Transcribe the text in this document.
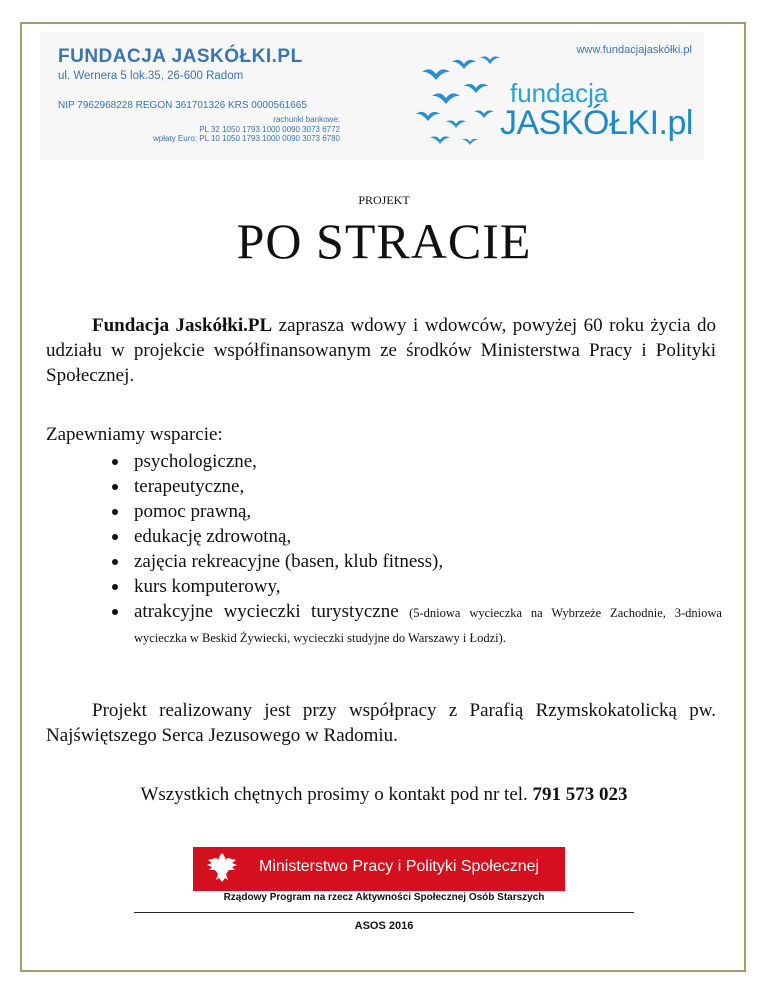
FUNDACJA JASKÓŁKI.PL
ul. Wernera 5 lok.35, 26-600 Radom
NIP 7962968228 REGON 361701326 KRS 0000561665
rachunki bankowe:
PL 32 1050 1793 1000 0090 3073 6772
wpłaty Euro: PL 10 1050 1793 1000 0090 3073 6780
www.fundacjajaskółki.pl
fundacja
JASKÓŁKI.pl
PROJEKT
PO STRACIE

Fundacja Jaskółki.PL zaprasza wdowy i wdowców, powyżej 60 roku życia do udziału w projekcie współfinansowanym ze środków Ministerstwa Pracy i Polityki Społecznej.

Zapewniamy wsparcie:
psychologiczne,
terapeutyczne,
pomoc prawną,
edukację zdrowotną,
zajęcia rekreacyjne (basen, klub fitness),
kurs komputerowy,
atrakcyjne wycieczki turystyczne (5-dniowa wycieczka na Wybrzeże Zachodnie, 3-dniowa wycieczka w Beskid Żywiecki, wycieczki studyjne do Warszawy i Łodzi).

Projekt realizowany jest przy współpracy z Parafią Rzymskokatolicką pw. Najświętszego Serca Jezusowego w Radomiu.

Wszystkich chętnych prosimy o kontakt pod nr tel. 791 573 023
Ministerstwo Pracy i Polityki Społecznej
Rządowy Program na rzecz Aktywności Społecznej Osób Starszych
ASOS 2016
